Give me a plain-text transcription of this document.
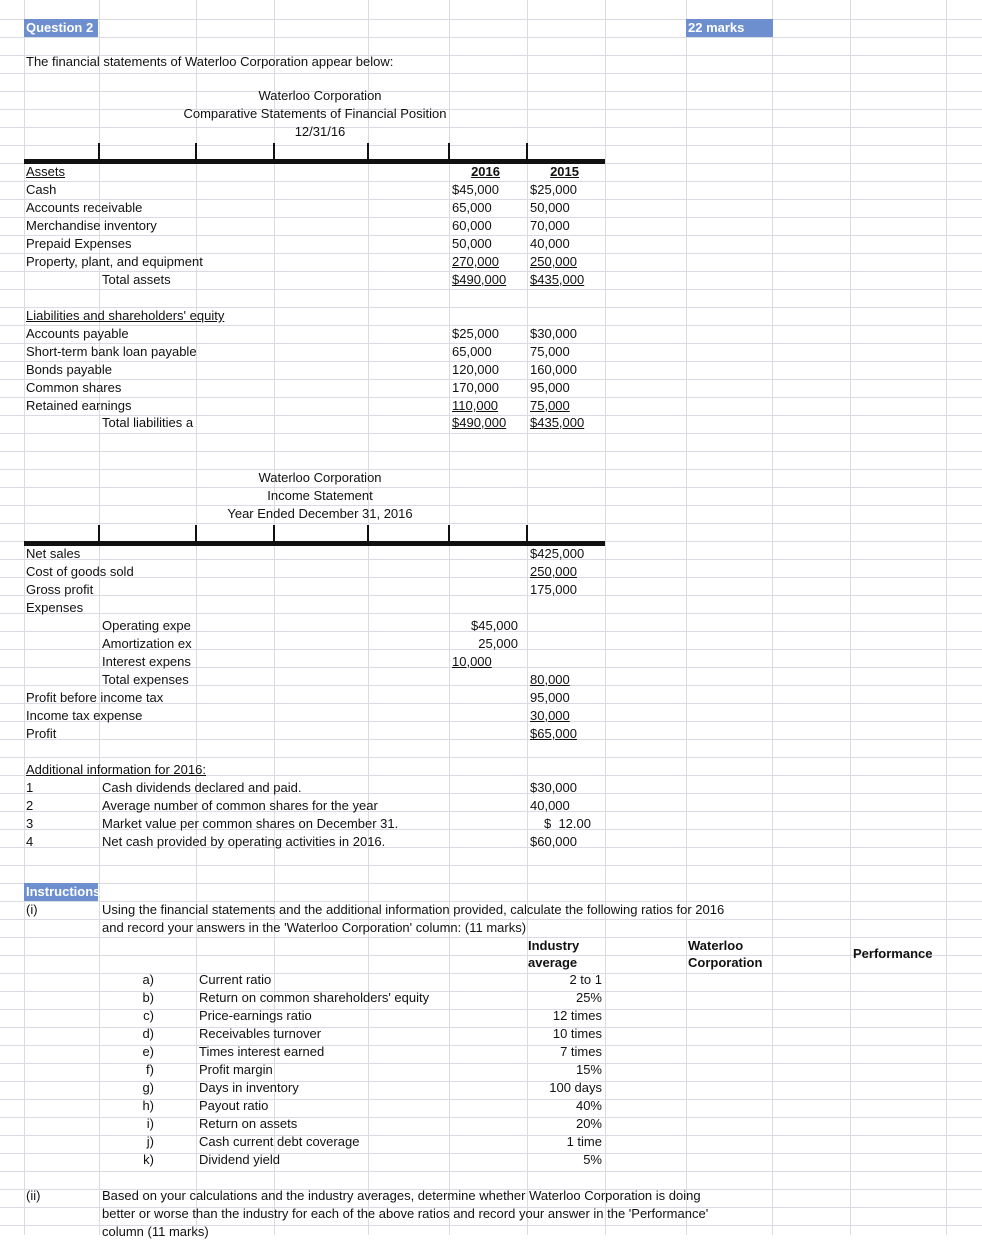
Question 2	22 marks
The financial statements of Waterloo Corporation appear below:
Waterloo Corporation
Comparative Statements of Financial Position
12/31/16
2016	2015
Assets
Cash	$45,000 $25,000
Accounts receivable	65,000	50,000
Merchandise inventory	60,000	70,000
Prepaid Expenses	50,000	40,000
Property, plant, and equipment	270,000	250,000
Total assets	$490,000	$435,000
Liabilities and shareholders' equity
Accounts payable	$25,000 $30,000
Short-term bank loan payable	65,000	75,000
Bonds payable	120,000 160,000
Common shares	170,000 95,000
Retained earnings	110,000	75,000
Total liabilities a	$490,000	$435,000
Waterloo Corporation
Income Statement
Year Ended December 31, 2016
Net sales	$425,000
Cost of goods sold	250,000
Gross profit	175,000
Expenses
Operating expe	$45,000
Amortization ex	25,000
Interest expens	10,000
Total expenses	80,000
Profit before income tax	95,000
Income tax expense	30,000
Profit	$65,000
Additional information for 2016:
1	Cash dividends declared and paid.	$30,000
2	Average number of common shares for the year	40,000
3	Market value per common shares on December 31.	$  12.00
4	Net cash provided by operating activities in 2016.	$60,000
Instructions
(i)	Using the financial statements and the additional information provided, calculate the following ratios for 2016
and record your answers in the 'Waterloo Corporation' column: (11 marks)
Industry
average
Waterloo
Corporation
Performance
a)	Current ratio	2 to 1
b)	Return on common shareholders' equity	25%
c)	Price-earnings ratio	12 times
d)	Receivables turnover	10 times
e)	Times interest earned	7 times
f)	Profit margin	15%
g)	Days in inventory	100 days
h)	Payout ratio	40%
i)	Return on assets	20%
j)	Cash current debt coverage	1 time
k)	Dividend yield	5%
(ii)	Based on your calculations and the industry averages, determine whether Waterloo Corporation is doing
better or worse than the industry for each of the above ratios and record your answer in the 'Performance'
column (11 marks)
